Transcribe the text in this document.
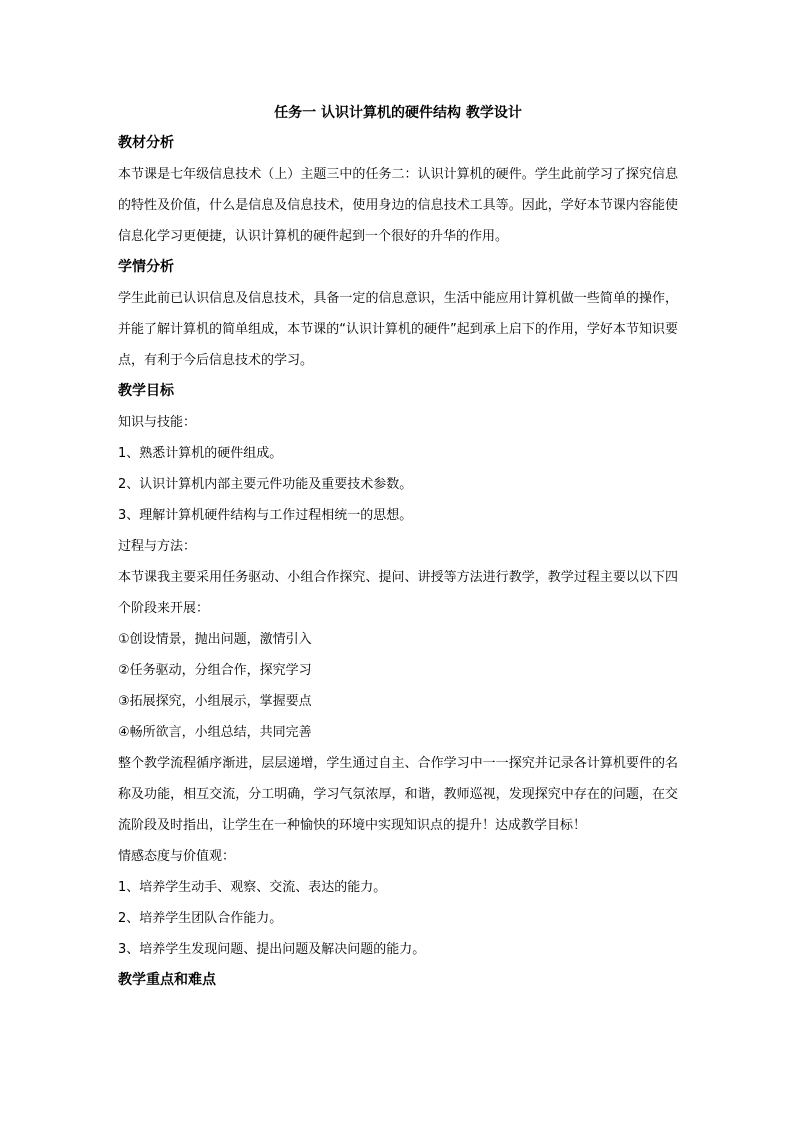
任务一 认识计算机的硬件结构 教学设计

教材分析

本节课是七年级信息技术（上）主题三中的任务二：认识计算机的硬件。学生此前学习了探究信息的特性及价值，什么是信息及信息技术，使用身边的信息技术工具等。因此，学好本节课内容能使信息化学习更便捷，认识计算机的硬件起到一个很好的升华的作用。

学情分析

学生此前已认识信息及信息技术，具备一定的信息意识，生活中能应用计算机做一些简单的操作，并能了解计算机的简单组成，本节课的“认识计算机的硬件”起到承上启下的作用，学好本节知识要点，有利于今后信息技术的学习。

教学目标

知识与技能：

1、熟悉计算机的硬件组成。

2、认识计算机内部主要元件功能及重要技术参数。

3、理解计算机硬件结构与工作过程相统一的思想。

过程与方法：

本节课我主要采用任务驱动、小组合作探究、提问、讲授等方法进行教学，教学过程主要以以下四个阶段来开展：

①创设情景，抛出问题，激情引入

②任务驱动，分组合作，探究学习

③拓展探究，小组展示，掌握要点

④畅所欲言，小组总结，共同完善

整个教学流程循序渐进，层层递增，学生通过自主、合作学习中一一探究并记录各计算机要件的名称及功能，相互交流，分工明确，学习气氛浓厚，和谐，教师巡视，发现探究中存在的问题，在交流阶段及时指出，让学生在一种愉快的环境中实现知识点的提升！达成教学目标！

情感态度与价值观：

1、培养学生动手、观察、交流、表达的能力。

2、培养学生团队合作能力。

3、培养学生发现问题、提出问题及解决问题的能力。

教学重点和难点
